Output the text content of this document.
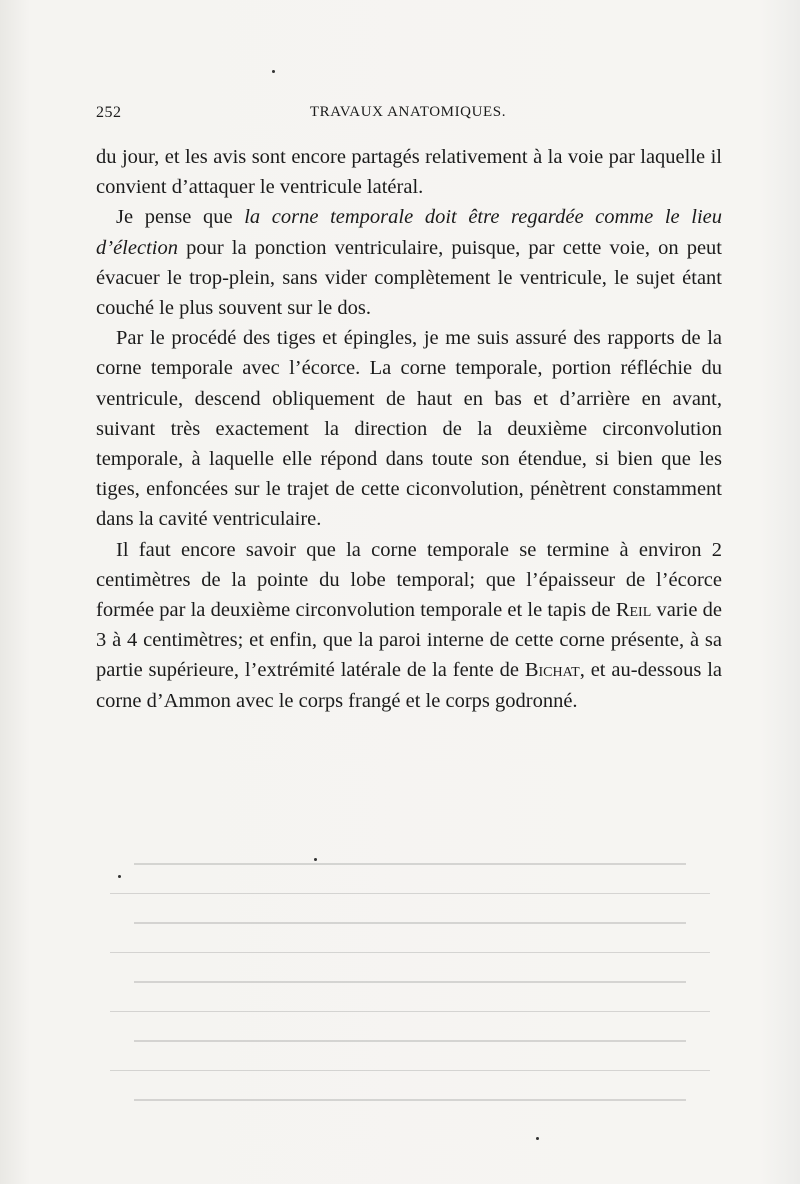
252	TRAVAUX ANATOMIQUES.

du jour, et les avis sont encore partagés relativement à la voie par laquelle il convient d’attaquer le ventricule latéral.

Je pense que la corne temporale doit être regardée comme le lieu d’élection pour la ponction ventriculaire, puisque, par cette voie, on peut évacuer le trop-plein, sans vider complètement le ventricule, le sujet étant couché le plus souvent sur le dos.

Par le procédé des tiges et épingles, je me suis assuré des rapports de la corne temporale avec l’écorce. La corne temporale, portion réfléchie du ventricule, descend obliquement de haut en bas et d’arrière en avant, suivant très exactement la direction de la deuxième circonvolution temporale, à laquelle elle répond dans toute son étendue, si bien que les tiges, enfoncées sur le trajet de cette ciconvolution, pénètrent constamment dans la cavité ventriculaire.

Il faut encore savoir que la corne temporale se termine à environ 2 centimètres de la pointe du lobe temporal; que l’épaisseur de l’écorce formée par la deuxième circonvolution temporale et le tapis de Reil varie de 3 à 4 centimètres; et enfin, que la paroi interne de cette corne présente, à sa partie supérieure, l’extrémité latérale de la fente de Bichat, et au-dessous la corne d’Ammon avec le corps frangé et le corps godronné.
